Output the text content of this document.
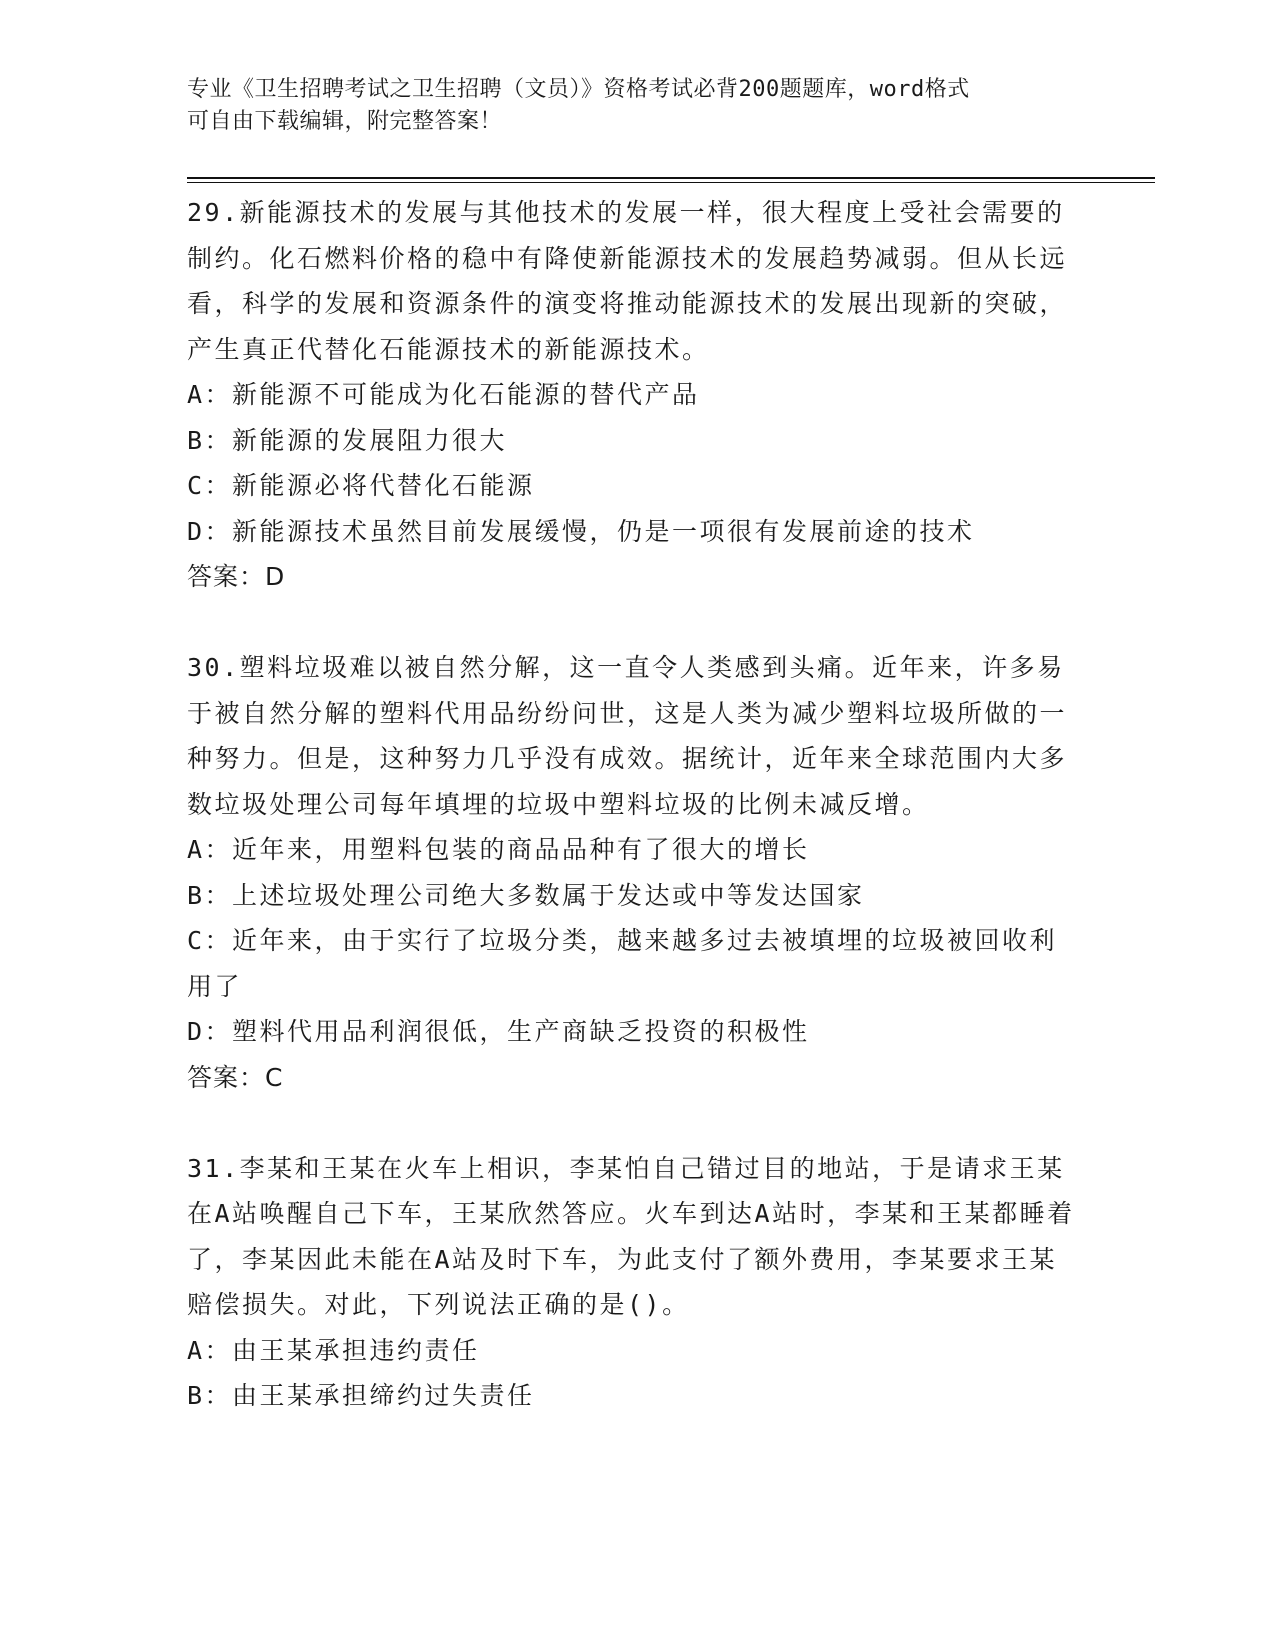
专业《卫生招聘考试之卫生招聘（文员）》资格考试必背200题题库，word格式
可自由下载编辑，附完整答案！

29.新能源技术的发展与其他技术的发展一样，很大程度上受社会需要的制约。化石燃料价格的稳中有降使新能源技术的发展趋势减弱。但从长远看，科学的发展和资源条件的演变将推动能源技术的发展出现新的突破，产生真正代替化石能源技术的新能源技术。

A：新能源不可能成为化石能源的替代产品

B：新能源的发展阻力很大

C：新能源必将代替化石能源

D：新能源技术虽然目前发展缓慢，仍是一项很有发展前途的技术

答案：D

30.塑料垃圾难以被自然分解，这一直令人类感到头痛。近年来，许多易于被自然分解的塑料代用品纷纷问世，这是人类为减少塑料垃圾所做的一种努力。但是，这种努力几乎没有成效。据统计，近年来全球范围内大多数垃圾处理公司每年填埋的垃圾中塑料垃圾的比例未减反增。

A：近年来，用塑料包装的商品品种有了很大的增长

B：上述垃圾处理公司绝大多数属于发达或中等发达国家

C：近年来，由于实行了垃圾分类，越来越多过去被填埋的垃圾被回收利用了

D：塑料代用品利润很低，生产商缺乏投资的积极性

答案：C

31.李某和王某在火车上相识，李某怕自己错过目的地站，于是请求王某在A站唤醒自己下车，王某欣然答应。火车到达A站时，李某和王某都睡着了，李某因此未能在A站及时下车，为此支付了额外费用，李某要求王某赔偿损失。对此，下列说法正确的是()。

A：由王某承担违约责任

B：由王某承担缔约过失责任
